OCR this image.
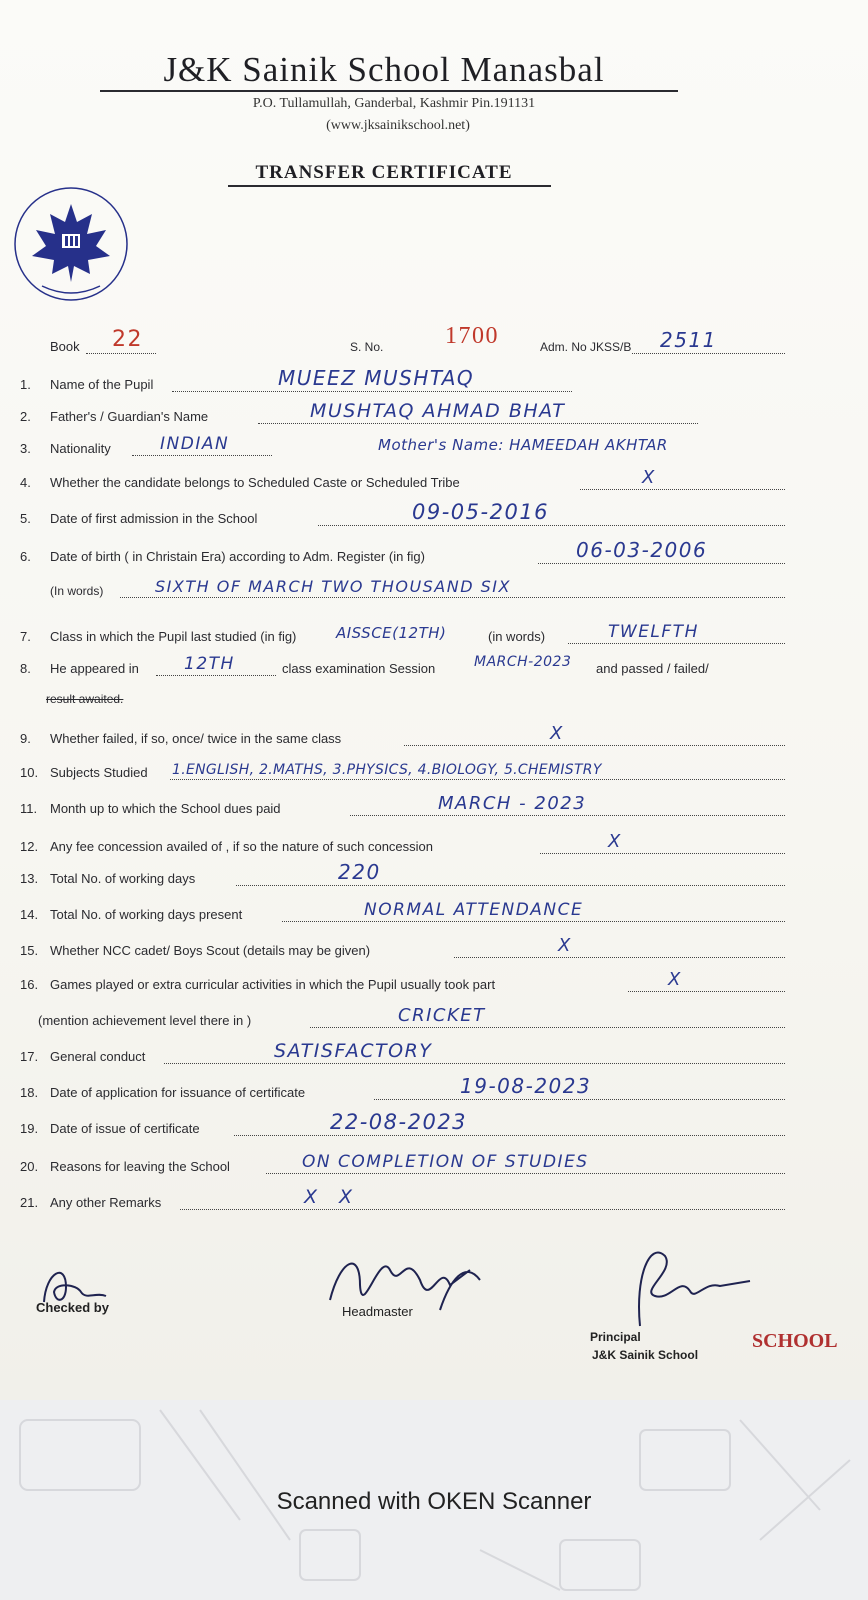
J&K Sainik School Manasbal
P.O. Tullamullah, Ganderbal, Kashmir Pin.191131
(www.jksainikschool.net)
TRANSFER CERTIFICATE
Book 22	S. No.	1700	Adm. No JKSS/B 2511
1. Name of the Pupil	MUEEZ MUSHTAQ
2. Father's / Guardian's Name	MUSHTAQ AHMAD BHAT
3. Nationality	INDIAN	Mother's Name: HAMEEDAH AKHTAR
4. Whether the candidate belongs to Scheduled Caste or Scheduled Tribe	X
5. Date of first admission in the School	09-05-2016
6. Date of birth ( in Christain Era) according to Adm. Register (in fig)	06-03-2006
(In words)	SIXTH OF MARCH TWO THOUSAND SIX
7. Class in which the Pupil last studied (in fig)	AISSCE(12TH)	(in words)	TWELFTH
8. He appeared in	12TH	class examination Session	MARCH-2023 and passed / failed/
result awaited.
9. Whether failed, if so, once/ twice in the same class	X
10. Subjects Studied 1.ENGLISH, 2.MATHS, 3.PHYSICS, 4.BIOLOGY, 5.CHEMISTRY
11. Month up to which the School dues paid	MARCH - 2023
12. Any fee concession availed of , if so the nature of such concession	X
13. Total No. of working days	220
14. Total No. of working days present	NORMAL ATTENDANCE
15. Whether NCC cadet/ Boys Scout (details may be given)	X
16. Games played or extra curricular activities in which the Pupil usually took part	X
(mention achievement level there in )	CRICKET
17. General conduct	SATISFACTORY
18. Date of application for issuance of certificate	19-08-2023
19. Date of issue of certificate	22-08-2023
20. Reasons for leaving the School	ON COMPLETION OF STUDIES
21. Any other Remarks	X X
Checked by	Headmaster
Principal
J&K Sainik School
SCHOOL
Scanned with OKEN Scanner
